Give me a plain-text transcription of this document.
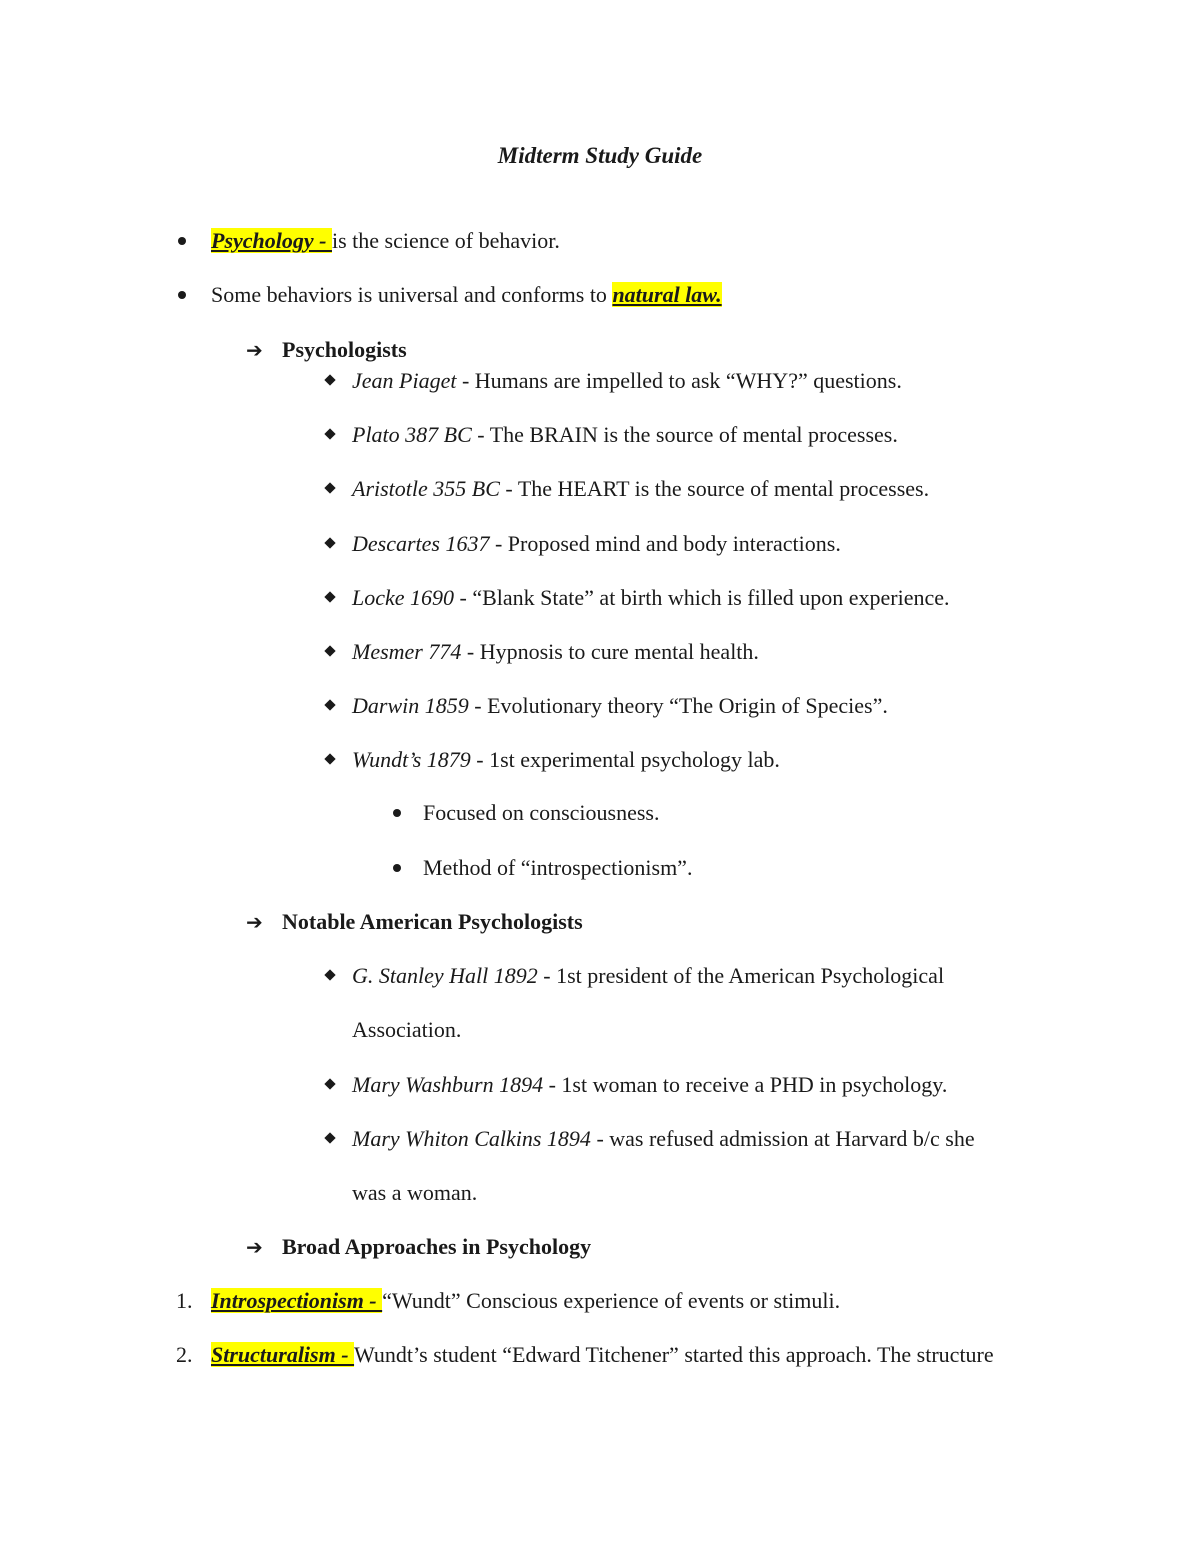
Midterm Study Guide
Psychology - is the science of behavior.
Some behaviors is universal and conforms to natural law.
➔ Psychologists
Jean Piaget - Humans are impelled to ask “WHY?” questions.
Plato 387 BC - The BRAIN is the source of mental processes.
Aristotle 355 BC - The HEART is the source of mental processes.
Descartes 1637 - Proposed mind and body interactions.
Locke 1690 - “Blank State” at birth which is filled upon experience.
Mesmer 774 - Hypnosis to cure mental health.
Darwin 1859 - Evolutionary theory “The Origin of Species”.
Wundt’s 1879 - 1st experimental psychology lab.
Focused on consciousness.
Method of “introspectionism”.
➔ Notable American Psychologists
G. Stanley Hall 1892 - 1st president of the American Psychological
Association.
Mary Washburn 1894 - 1st woman to receive a PHD in psychology.
Mary Whiton Calkins 1894 - was refused admission at Harvard b/c she
was a woman.
➔ Broad Approaches in Psychology
1. Introspectionism - “Wundt” Conscious experience of events or stimuli.
2. Structuralism - Wundt’s student “Edward Titchener” started this approach. The structure
